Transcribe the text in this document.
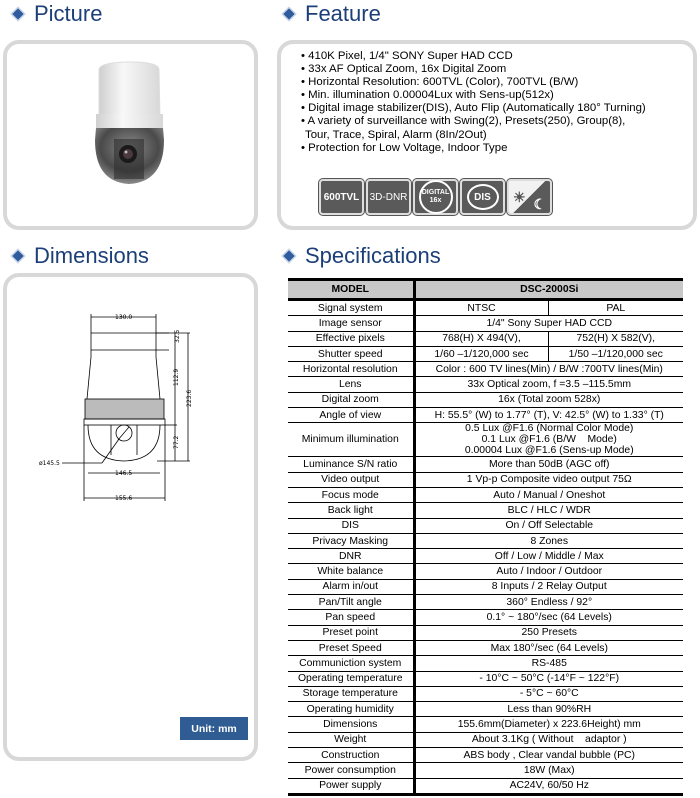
Picture	Feature
Dimensions	Specifications
• 410K Pixel, 1/4" SONY Super HAD CCD
• 33x AF Optical Zoom, 16x Digital Zoom
• Horizontal Resolution: 600TVL (Color), 700TVL (B/W)
• Min. illumination 0.00004Lux with Sens-up(512x)
• Digital image stabilizer(DIS), Auto Flip (Automatically 180° Turning)
• A variety of surveillance with Swing(2), Presets(250), Group(8),
Tour, Trace, Spiral, Alarm (8In/2Out)
• Protection for Low Voltage, Indoor Type
600TVL 3D-DNR	DIGITAL 16x	DIS	☀ ☾
130.0
32.5
112.9
223.6
77.2
ø145.5
146.5
155.6
Unit: mm
MODEL	DSC-2000Si	
Signal system	NTSC	PAL
Image sensor	1/4" Sony Super HAD CCD	
Effective pixels	768(H) X 494(V),	752(H) X 582(V),
Shutter speed	1/60 –1/120,000 sec	1/50 –1/120,000 sec
Horizontal resolution	Color : 600 TV lines(Min) / B/W :700TV lines(Min)	
Lens	33x Optical zoom, f =3.5 –115.5mm	
Digital zoom	16x (Total zoom 528x)	
Angle of view	H: 55.5° (W) to 1.77° (T), V: 42.5° (W) to 1.33° (T)	
Minimum illumination	0.5 Lux @F1.6 (Normal Color Mode)
0.1 Lux @F1.6 (B/W    Mode)
0.00004 Lux @F1.6 (Sens-up Mode)	

Luminance S/N ratio	More than 50dB (AGC off)	
Video output	1 Vp-p Composite video output 75Ω	
Focus mode	Auto / Manual / Oneshot	
Back light	BLC / HLC / WDR	
DIS	On / Off Selectable	
Privacy Masking	8 Zones	
DNR	Off / Low / Middle / Max	
White balance	Auto / Indoor / Outdoor	
Alarm in/out	8 Inputs / 2 Relay Output	
Pan/Tilt angle	360° Endless / 92°	
Pan speed	0.1° ~ 180°/sec (64 Levels)	
Preset point	250 Presets	
Preset Speed	Max 180°/sec (64 Levels)	
Communiction system	RS-485	
Operating temperature	- 10°C ~ 50°C (-14°F ~ 122°F)	
Storage temperature	- 5°C ~ 60°C	
Operating humidity	Less than 90%RH	
Dimensions	155.6mm(Diameter) x 223.6Height) mm	
Weight	About 3.1Kg ( Without    adaptor )	
Construction	ABS body , Clear vandal bubble (PC)	
Power consumption	18W (Max)	
Power supply	AC24V, 60/50 Hz	
